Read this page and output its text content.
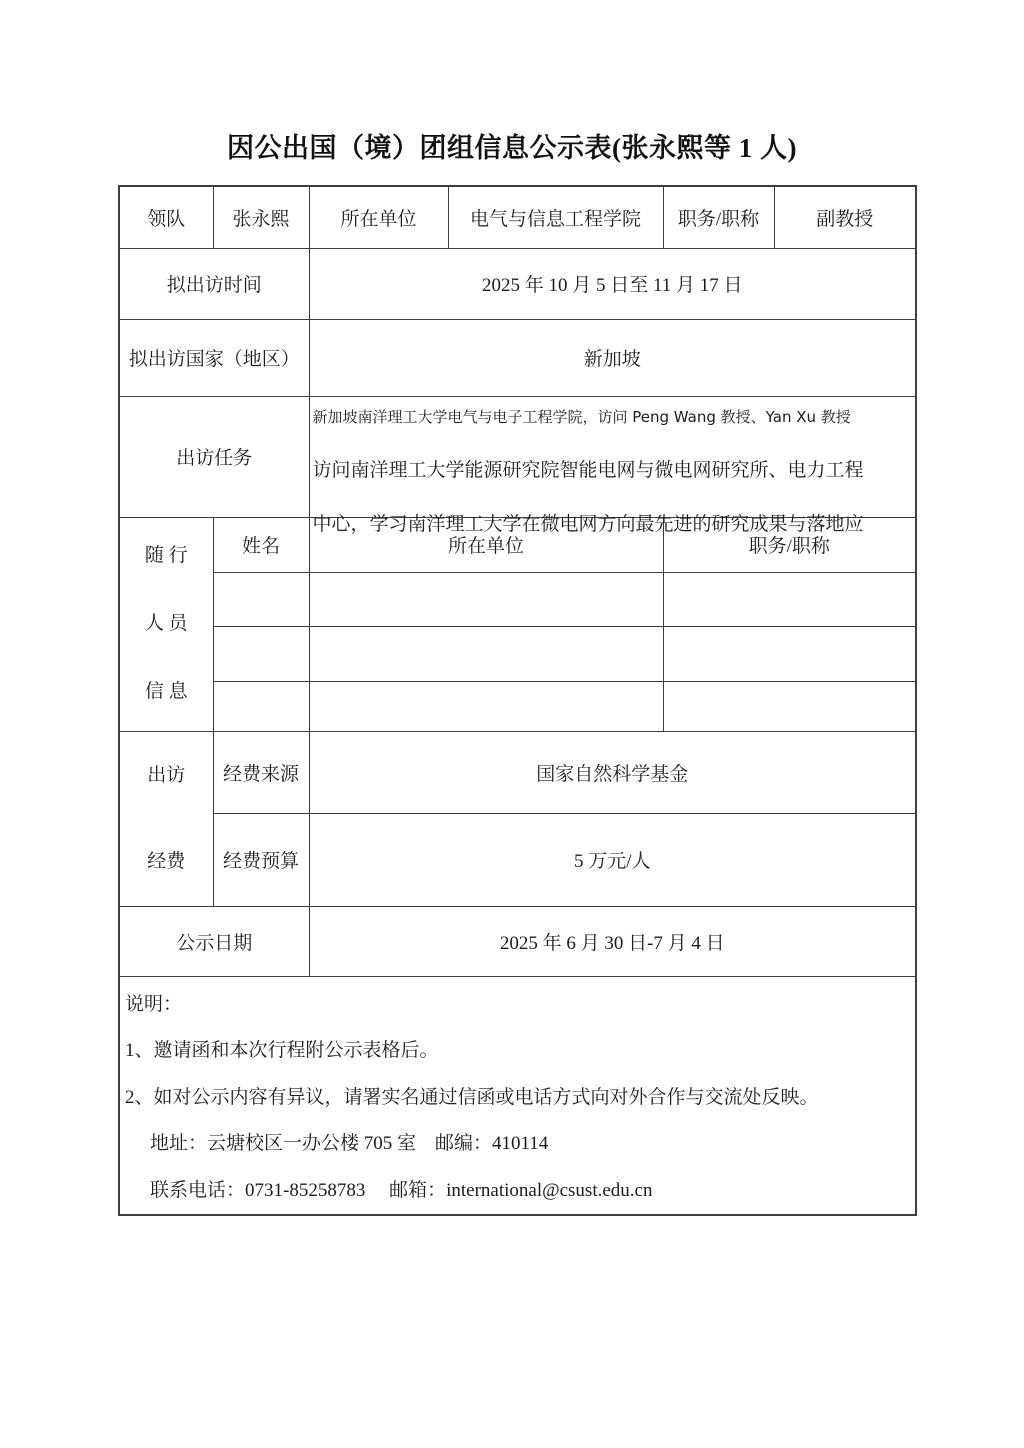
因公出国（境）团组信息公示表(张永熙等 1 人)
领队	张永熙	所在单位	电气与信息工程学院	职务/职称	副教授
拟出访时间		2025 年 10 月 5 日至 11 月 17 日			
拟出访国家（地区）		新加坡			
出访任务		新加坡南洋理工大学电气与电子工程学院，访问 Peng Wang 教授、Yan Xu 教授
访问南洋理工大学能源研究院智能电网与微电网研究所、电力工程
中心，学习南洋理工大学在微电网方向最先进的研究成果与落地应			

随 行
人 员
信 息	姓名	所在单位		职务/职称	

出访
经费	经费来源	国家自然科学基金			
	经费预算	5 万元/人			
公示日期		2025 年 6 月 30 日-7 月 4 日			

说明：
1、邀请函和本次行程附公示表格后。
2、如对公示内容有异议，请署实名通过信函或电话方式向对外合作与交流处反映。
地址：云塘校区一办公楼 705 室　邮编：410114
联系电话：0731-85258783　 邮箱：international@csust.edu.cn					
